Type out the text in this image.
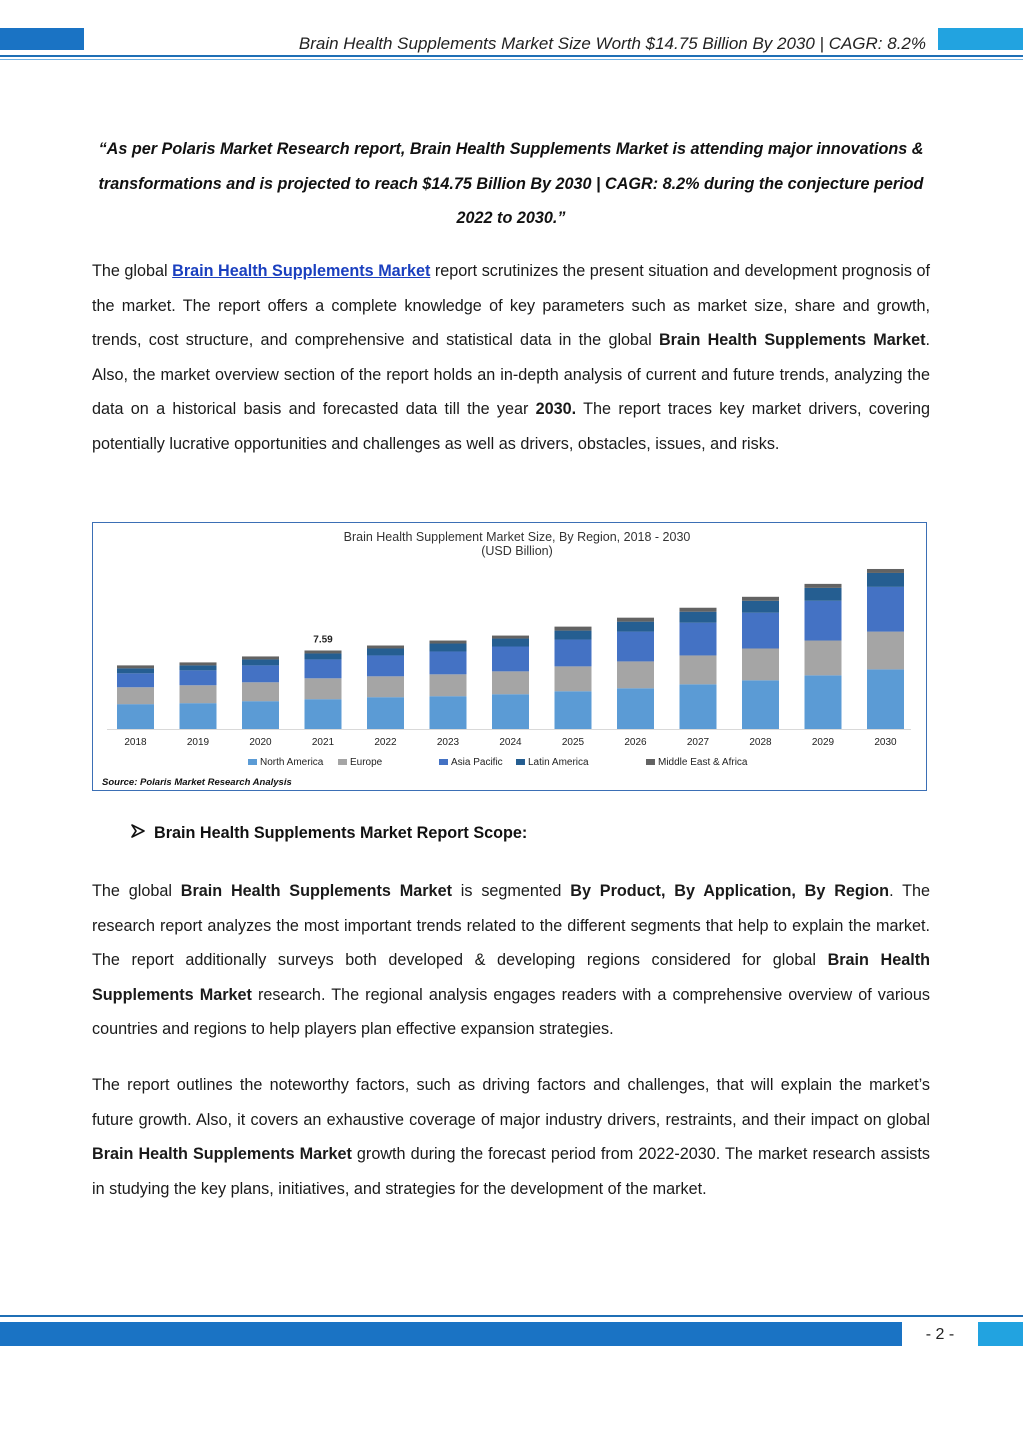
Brain Health Supplements Market Size Worth $14.75 Billion By 2030 | CAGR: 8.2%
“As per Polaris Market Research report, Brain Health Supplements Market is attending major innovations & transformations and is projected to reach $14.75 Billion By 2030 | CAGR: 8.2% during the conjecture period 2022 to 2030.”
The global Brain Health Supplements Market report scrutinizes the present situation and development prognosis of the market. The report offers a complete knowledge of key parameters such as market size, share and growth, trends, cost structure, and comprehensive and statistical data in the global Brain Health Supplements Market. Also, the market overview section of the report holds an in-depth analysis of current and future trends, analyzing the data on a historical basis and forecasted data till the year 2030. The report traces key market drivers, covering potentially lucrative opportunities and challenges as well as drivers, obstacles, issues, and risks.
Brain Health Supplement Market Size, By Region, 2018 - 2030
(USD Billion)
2018	2019	2020	2021
7.59
2022	2023	2024	2025	2026	2027	2028	2029	2030
North America	Europe	Asia Pacific	Latin America	Middle East & Africa
Source: Polaris Market Research Analysis
Brain Health Supplements Market Report Scope:
The global Brain Health Supplements Market is segmented By Product, By Application, By Region. The research report analyzes the most important trends related to the different segments that help to explain the market. The report additionally surveys both developed & developing regions considered for global Brain Health Supplements Market research. The regional analysis engages readers with a comprehensive overview of various countries and regions to help players plan effective expansion strategies.
The report outlines the noteworthy factors, such as driving factors and challenges, that will explain the market’s future growth. Also, it covers an exhaustive coverage of major industry drivers, restraints, and their impact on global Brain Health Supplements Market growth during the forecast period from 2022-2030. The market research assists in studying the key plans, initiatives, and strategies for the development of the market.
- 2 -
